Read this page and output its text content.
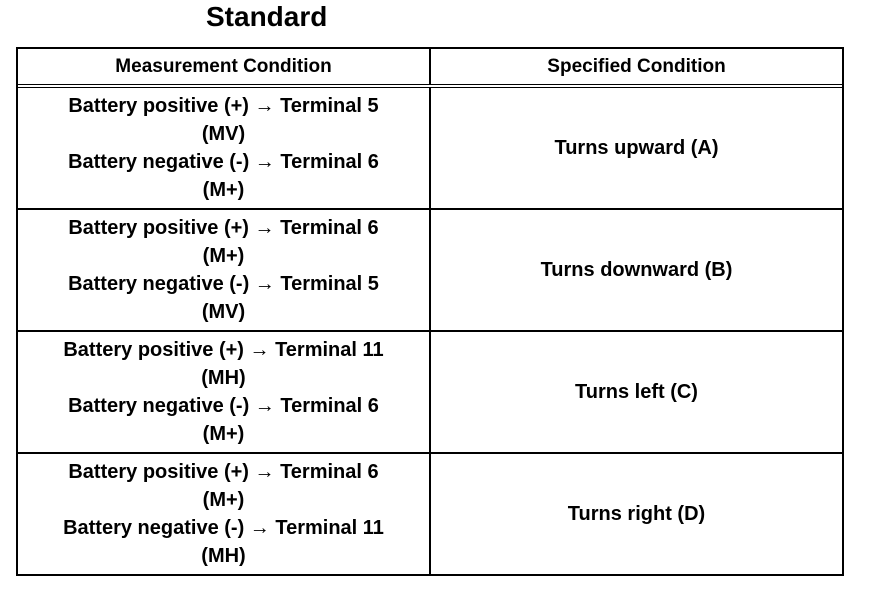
Standard
Measurement Condition	Specified Condition
Battery positive (+) → Terminal 5
(MV)
Battery negative (-) → Terminal 6
(M+)
Turns upward (A)
Battery positive (+) → Terminal 6
(M+)
Battery negative (-) → Terminal 5
(MV)
Turns downward (B)
Battery positive (+) → Terminal 11
(MH)
Battery negative (-) → Terminal 6
(M+)
Turns left (C)
Battery positive (+) → Terminal 6
(M+)
Battery negative (-) → Terminal 11
(MH)
Turns right (D)
